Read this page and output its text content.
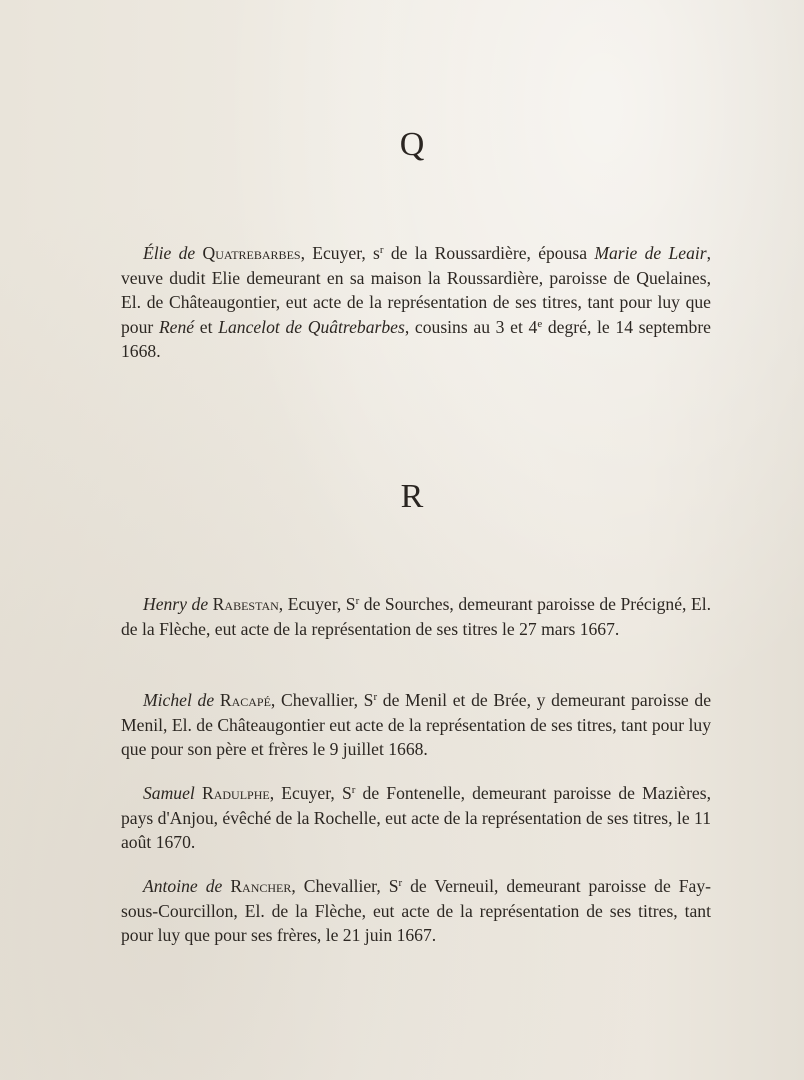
Q

Élie de Quatrebarbes, Ecuyer, $s^r$ de la Roussardière, épousa Marie de Leair, veuve dudit Elie demeurant en sa maison la Roussardière, paroisse de Quelaines, El. de Châteaugontier, eut acte de la représentation de ses titres, tant pour luy que pour René et Lancelot de Quâtrebarbes, cousins au 3 et 4e degré, le 14 septembre 1668.

R

Henry de Rabestan, Ecuyer, $S^r$ de Sourches, demeurant paroisse de Précigné, El. de la Flèche, eut acte de la représentation de ses titres le 27 mars 1667.

Michel de Racapé, Chevallier, $S^r$ de Menil et de Brée, y demeurant paroisse de Menil, El. de Châteaugontier eut acte de la représentation de ses titres, tant pour luy que pour son père et frères le 9 juillet 1668.

Samuel Radulphe, Ecuyer, $S^r$ de Fontenelle, demeurant paroisse de Mazières, pays d'Anjou, évêché de la Rochelle, eut acte de la représentation de ses titres, le 11 août 1670.

Antoine de Rancher, Chevallier, $S^r$ de Verneuil, demeurant paroisse de Fay-sous-Courcillon, El. de la Flèche, eut acte de la représentation de ses titres, tant pour luy que pour ses frères, le 21 juin 1667.
